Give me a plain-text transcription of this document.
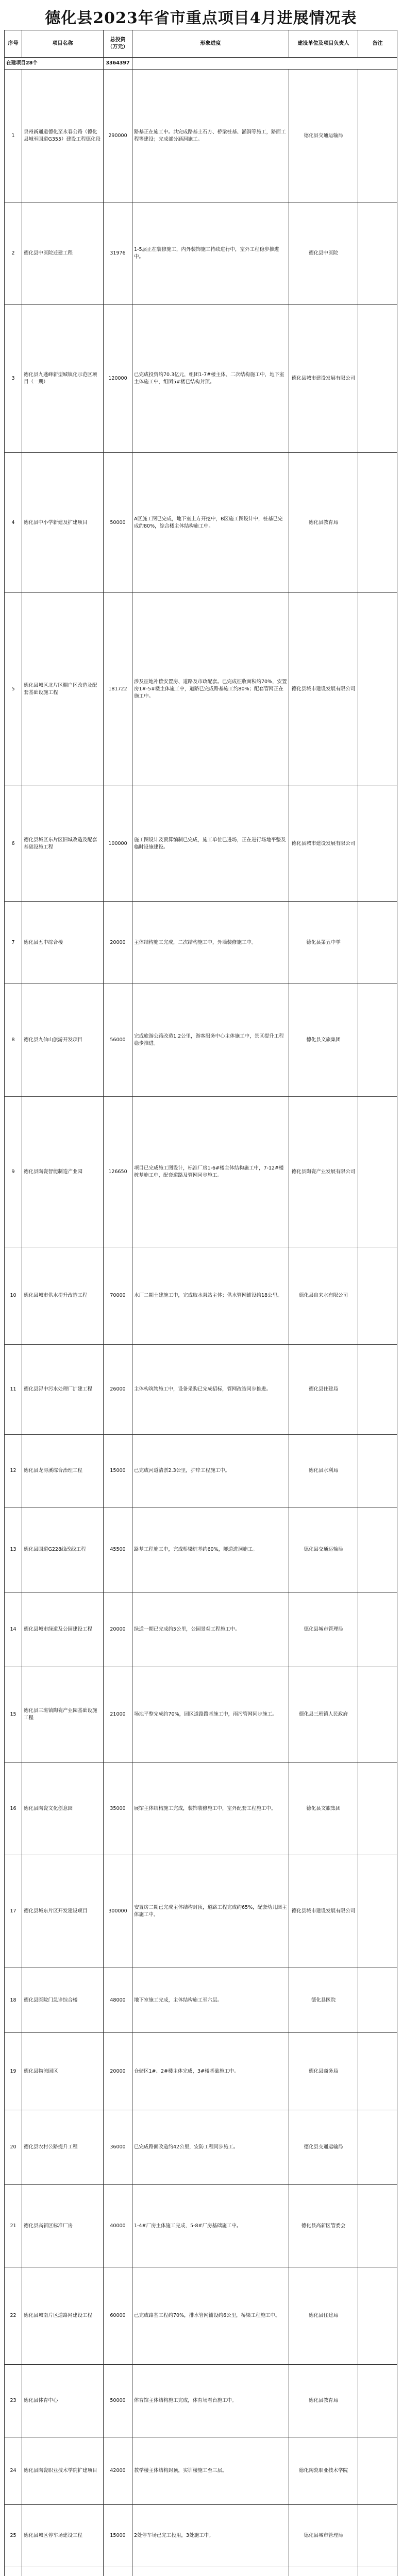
德化县2023年省市重点项目4月进展情况表
序号	项目名称	总投资（万元）	形象进度	建设单位及项目负责人	备注
在建项目28个		3364397			
1	泉州新通道德化至永春公路（德化县城至国道G355）建设工程德化段	290000	路基正在施工中。共完成路基土石方、桥梁桩基、涵洞等施工，路面工程等建设；完成部分涵洞施工。	德化县交通运输局	
2	德化县中医院迁建工程	31976	1-5层正在装修施工，内外装饰施工持续进行中，室外工程稳步推进中。	德化县中医院	
3	德化县九蓬峰新型城镇化示范区项目（一期）	120000	已完成投资约70.3亿元，组团1-7#楼主体、二次结构施工中，地下室主体施工中，组团5#楼已结构封顶。	德化县城市建设发展有限公司	
4	德化县中小学新建及扩建项目	50000	A区施工图已完成，地下室土方开挖中，B区施工图设计中，桩基已完成约80%，综合楼主体结构施工中。	德化县教育局	
5	德化县城区北片区棚户区改造及配套基础设施工程	181722	涉及征地补偿安置房、道路及市政配套。已完成征收面积约70%，安置房1#-5#楼主体施工中，道路已完成路基施工约80%；配套管网正在施工中。	德化县城市建设发展有限公司	
6	德化县城区东片区旧城改造及配套基础设施工程	100000	施工图设计及预算编制已完成，施工单位已进场，正在进行场地平整及临时设施建设。	德化县城市建设发展有限公司	
7	德化县五中综合楼	20000	主体结构施工完成，二次结构施工中，外墙装修施工中。	德化县第五中学	
8	德化县九仙山旅游开发项目	56000	完成旅游公路改造1.2公里，游客服务中心主体施工中，景区提升工程稳步推进。	德化县文旅集团	
9	德化县陶瓷智能制造产业园	126650	项目已完成施工图设计，标准厂房1-6#楼主体结构施工中，7-12#楼桩基施工中，配套道路及管网同步施工。	德化县陶瓷产业发展有限公司	
10	德化县城市供水提升改造工程	70000	水厂二期土建施工中，完成取水泵站主体；供水管网铺设约18公里。	德化县自来水有限公司	
11	德化县浔中污水处理厂扩建工程	26000	主体构筑物施工中，设备采购已完成招标，管网改造同步推进。	德化县住建局	
12	德化县龙浔溪综合治理工程	15000	已完成河道清淤2.3公里，护岸工程施工中。	德化县水利局	
13	德化县国道G228线改线工程	45500	路基工程施工中，完成桥梁桩基约60%，隧道进洞施工。	德化县交通运输局	
14	德化县城市绿道及公园建设工程	20000	绿道一期已完成约5公里，公园景观工程施工中。	德化县城市管理局	
15	德化县三班镇陶瓷产业园基础设施工程	21000	场地平整完成约70%，园区道路路基施工中，雨污管网同步施工。	德化县三班镇人民政府	
16	德化县陶瓷文化创意园	35000	展馆主体结构施工完成，装饰装修施工中，室外配套工程施工中。	德化县文旅集团	
17	德化县城东片区开发建设项目	300000	安置房二期已完成主体结构封顶，道路工程完成约65%，配套幼儿园主体施工中。	德化县城市建设发展有限公司	
18	德化县医院门急诊综合楼	48000	地下室施工完成，主体结构施工至六层。	德化县医院	
19	德化县物流园区	20000	仓储区1#、2#楼主体完成，3#楼基础施工中。	德化县商务局	
20	德化县农村公路提升工程	36000	已完成路面改造约42公里，安防工程同步施工。	德化县交通运输局	
21	德化县高新区标准厂房	40000	1-4#厂房主体施工完成，5-8#厂房基础施工中。	德化县高新区管委会	
22	德化县城南片区道路网建设工程	60000	已完成路基工程约70%，排水管网铺设约6公里，桥梁工程施工中。	德化县住建局	
23	德化县体育中心	50000	体育馆主体结构施工完成，体育场看台施工中。	德化县教育局	
24	德化县陶瓷职业技术学院扩建项目	42000	教学楼主体结构封顶，实训楼施工至三层。	德化陶瓷职业技术学院	
25	德化县城区停车场建设工程	15000	2处停车场已完工投用，3处施工中。	德化县城市管理局	
